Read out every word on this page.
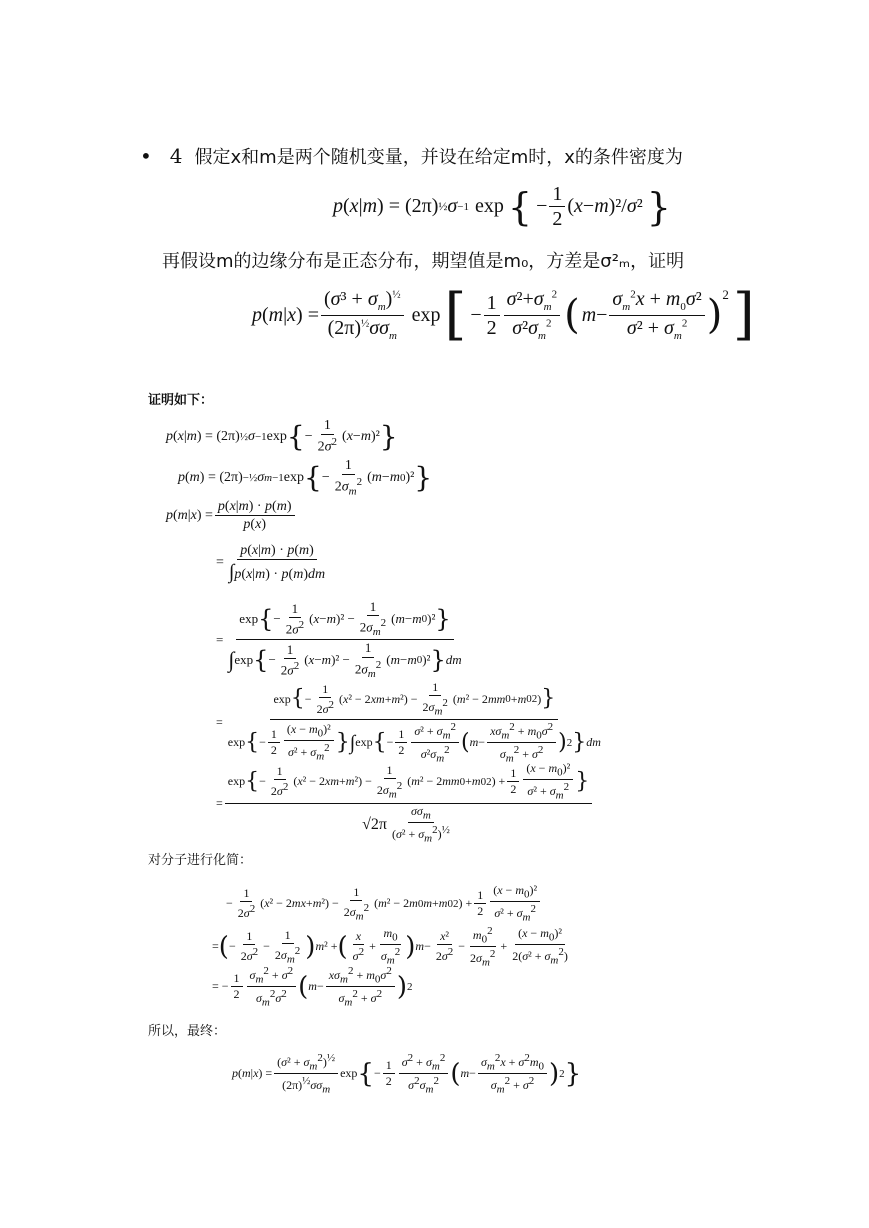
• 4 假定x和m是两个随机变量，并设在给定m时，x的条件密度为
p ( x | m ) = (2π) ½ σ −1 exp { − $\frac{1}{2}$ ( x − m )²/ σ ² }
再假设m的边缘分布是正态分布，期望值是m₀，方差是σ²ₘ，证明
p ( m | x ) = $\frac{(\sigma^3 + \sigma_m)^{\frac{1}{2}}}{(2\pi)^{\frac{1}{2}}\sigma\sigma_m}$ exp [ − $\frac{1}{2} \frac{\sigma^2+\sigma_m^2}{\sigma^2\sigma_m^2}$ ( $m - \frac{\sigma_m^2x + m_0\sigma^2}{\sigma^2 + \sigma_m^2} )^2$ ]
证明如下：
p ( x | m ) = (2π) ½ σ −1 exp { − $\frac{1}{2\sigma^2}$ ( x − m )² }
p ( m ) = (2π) −½ σ m −1 exp { − $\frac{1}{2\sigma_m^2}$ ( m − m 0 )² }
p ( m | x ) = $\frac{p(x|m) \cdot p(m)}{p(x)}$
= $\frac{p(x|m) \cdot p(m)}{\int p(x|m) \cdot p(m)dm}$
= $\frac{\exp \{ - \frac{1}{2\sigma^2} ( x - m )^2 - \frac{1}{2\sigma_m^2} ( m - m 0 )^2 \}}{\int \exp \{ - \frac{1}{2\sigma^2} ( x - m )^2 - \frac{1}{2\sigma_m^2} ( m - m 0 )^2 \} dm}$
=
exp { − $\frac{1}{2\sigma^2}$ ( x ² − 2 xm + m $^2) - \frac{1}{2\sigma_m^2}$ ( m ² − 2 mm 0 + m 0 2 ) }
exp { − $\frac{1}{2} \frac{(x - m_0)^2}{\sigma^2 + \sigma_m^2}$ } ∫ exp { − $\frac{1}{2} \frac{\sigma^2 + \sigma_m^2}{\sigma^2\sigma_m^2}$ ( $m - \frac{x\sigma_m^2 + m_0\sigma^2}{\sigma_m^2 + \sigma^2}$ ) 2 } dm
=
exp { − $\frac{1}{2\sigma^2}$ ( x ² − 2 xm + m $^2) - \frac{1}{2\sigma_m^2}$ ( m ² − 2 mm 0 + m 0 2 ) + $\frac{1}{2} \frac{(x - m_0)^2}{\sigma^2 + \sigma_m^2}$ }
$√2\pi \frac{\sigma\sigma_m}{(\sigma^2 + \sigma_m^2)^{\frac{1}{2}}}$
对分子进行化简：
− $\frac{1}{2\sigma^2}$ ( x ² − 2 mx + m $^2) - \frac{1}{2\sigma_m^2}$ ( m ² − 2 m 0 m + m 0 2 ) + $\frac{1}{2} \frac{(x - m_0)^2}{\sigma^2 + \sigma_m^2}$
= ( − $\frac{1}{2\sigma^2} - \frac{1}{2\sigma_m^2}$ ) m ² + ( $\frac{x}{\sigma^2} + \frac{m_0}{\sigma_m^2}$ ) $m - \frac{\text{x²}}{2\sigma^2} - \frac{m_0^2}{2\sigma_m^2} + \frac{(x - m_0)^2}{2(\sigma^2 + \sigma_m^2)}$
= − $\frac{1}{2} \frac{\sigma_m^2 + \sigma^2}{\sigma_m^2\sigma^2}$ ( $m - \frac{x\sigma_m^2 + m_0\sigma^2}{\sigma_m^2 + \sigma^2}$ ) 2
所以，最终：
p ( m | x ) = $\frac{(\sigma^2 + \sigma_m^2)^{\frac{1}{2}}}{(2\pi)^{\frac{1}{2}}\sigma\sigma_m}$ exp { − $\frac{1}{2} \frac{\sigma^2 + \sigma_m^2}{\sigma^2\sigma_m^2}$ ( $m - \frac{\sigma_m^2x + \sigma^2m_0}{\sigma_m^2 + \sigma^2}$ ) 2 }
